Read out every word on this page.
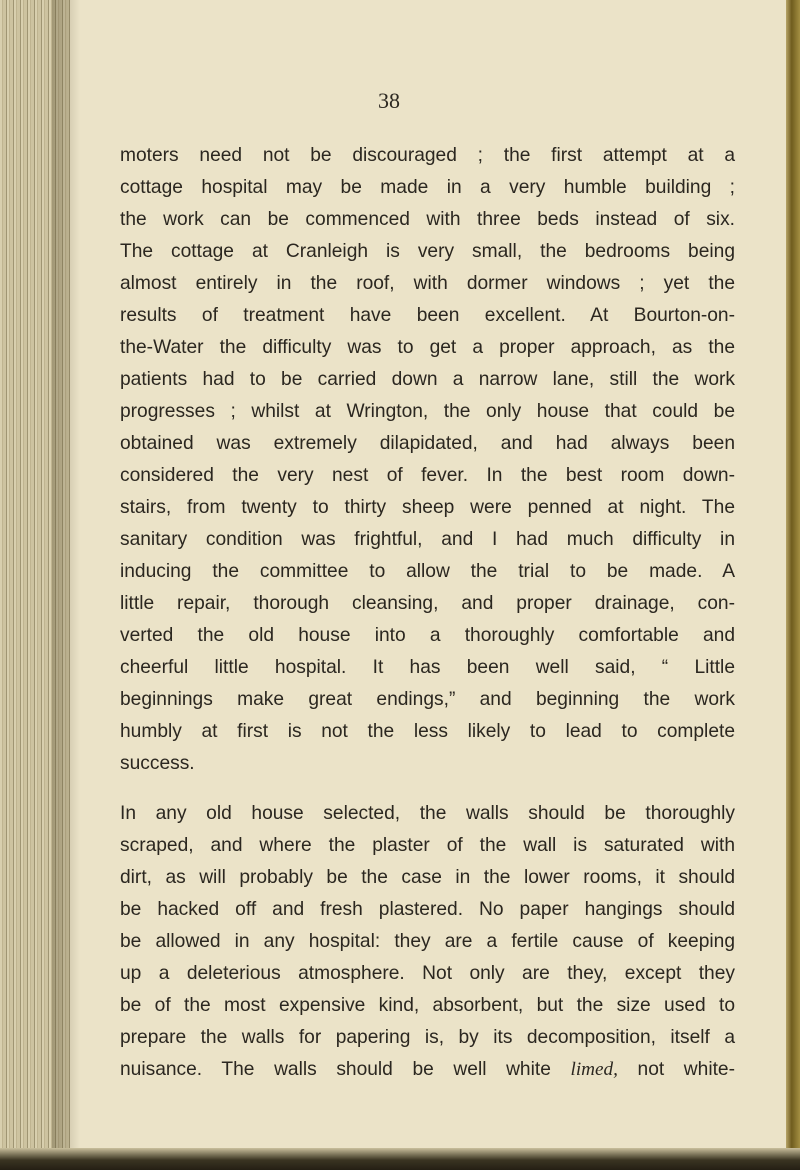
38

moters need not be discouraged ; the first attempt at a
cottage hospital may be made in a very humble building ;
the work can be commenced with three beds instead of six.
The cottage at Cranleigh is very small, the bedrooms being
almost entirely in the roof, with dormer windows ; yet the
results of treatment have been excellent. At Bourton-on-
the-Water the difficulty was to get a proper approach, as the
patients had to be carried down a narrow lane, still the work
progresses ; whilst at Wrington, the only house that could be
obtained was extremely dilapidated, and had always been
considered the very nest of fever. In the best room down-
stairs, from twenty to thirty sheep were penned at night. The
sanitary condition was frightful, and I had much difficulty in
inducing the committee to allow the trial to be made. A
little repair, thorough cleansing, and proper drainage, con-
verted the old house into a thoroughly comfortable and
cheerful little hospital. It has been well said, “ Little
beginnings make great endings,” and beginning the work
humbly at first is not the less likely to lead to complete
success.

In any old house selected, the walls should be thoroughly
scraped, and where the plaster of the wall is saturated with
dirt, as will probably be the case in the lower rooms, it should
be hacked off and fresh plastered. No paper hangings should
be allowed in any hospital: they are a fertile cause of keeping
up a deleterious atmosphere. Not only are they, except they
be of the most expensive kind, absorbent, but the size used to
prepare the walls for papering is, by its decomposition, itself a
nuisance. The walls should be well white limed, not white-
